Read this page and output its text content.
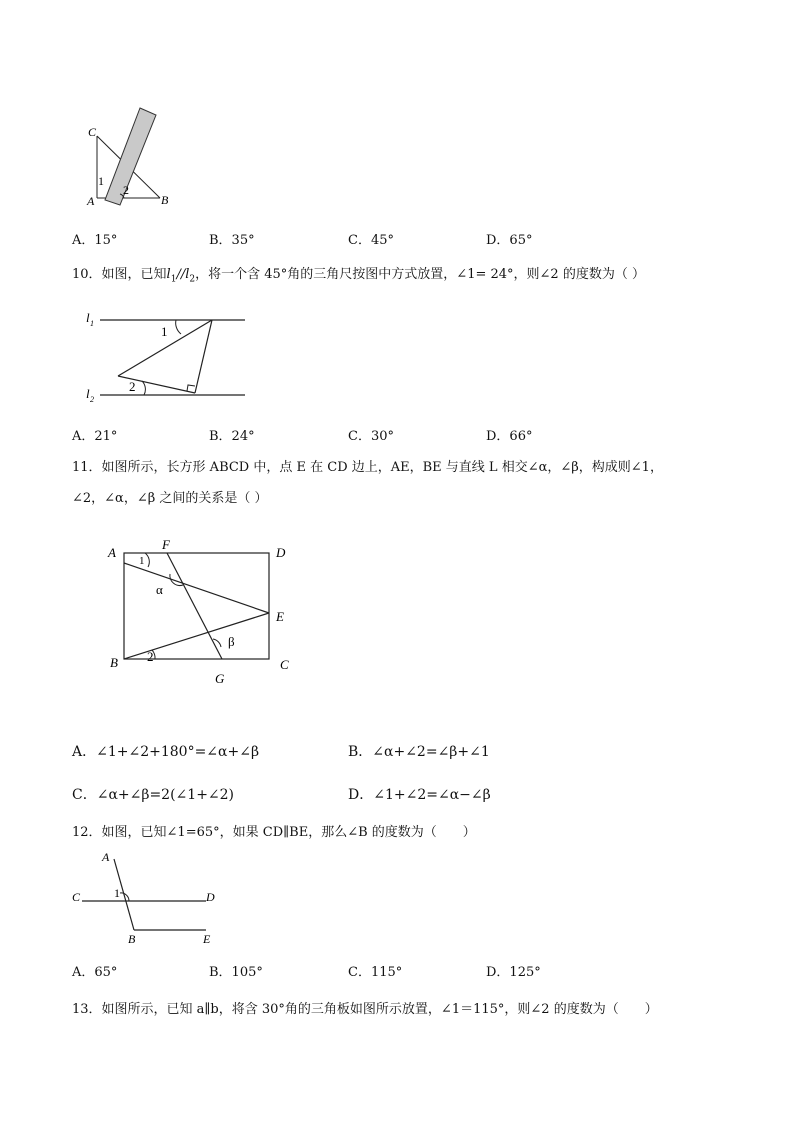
C
A	B
1
2
A．15°	B．35°	C．45°	D．65°
10．如图，已知$l_1//l_2$，将一个含 45°角的三角尺按图中方式放置，∠1= 24°，则∠2 的度数为（ ）
l 1
l 2
1
2
A．21°	B．24°	C．30°	D．66°
11．如图所示，长方形 ABCD 中，点 E 在 CD 边上，AE，BE 与直线 L 相交∠α，∠β，构成则∠1，
∠2，∠α，∠β 之间的关系是（ ）
A
F
D
E
B
G
C
α
β
1
2
A．∠1+∠2+180°=∠α+∠β	B．∠α+∠2=∠β+∠1
C．∠α+∠β=2(∠1+∠2)	D．∠1+∠2=∠α−∠β
12．如图，已知∠1=65°，如果 CD∥BE，那么∠B 的度数为（　　）
A
C	D
1
B	E
A．65°	B．105°	C．115°	D．125°
13．如图所示，已知 a∥b，将含 30°角的三角板如图所示放置，∠1＝115°，则∠2 的度数为（　　）
